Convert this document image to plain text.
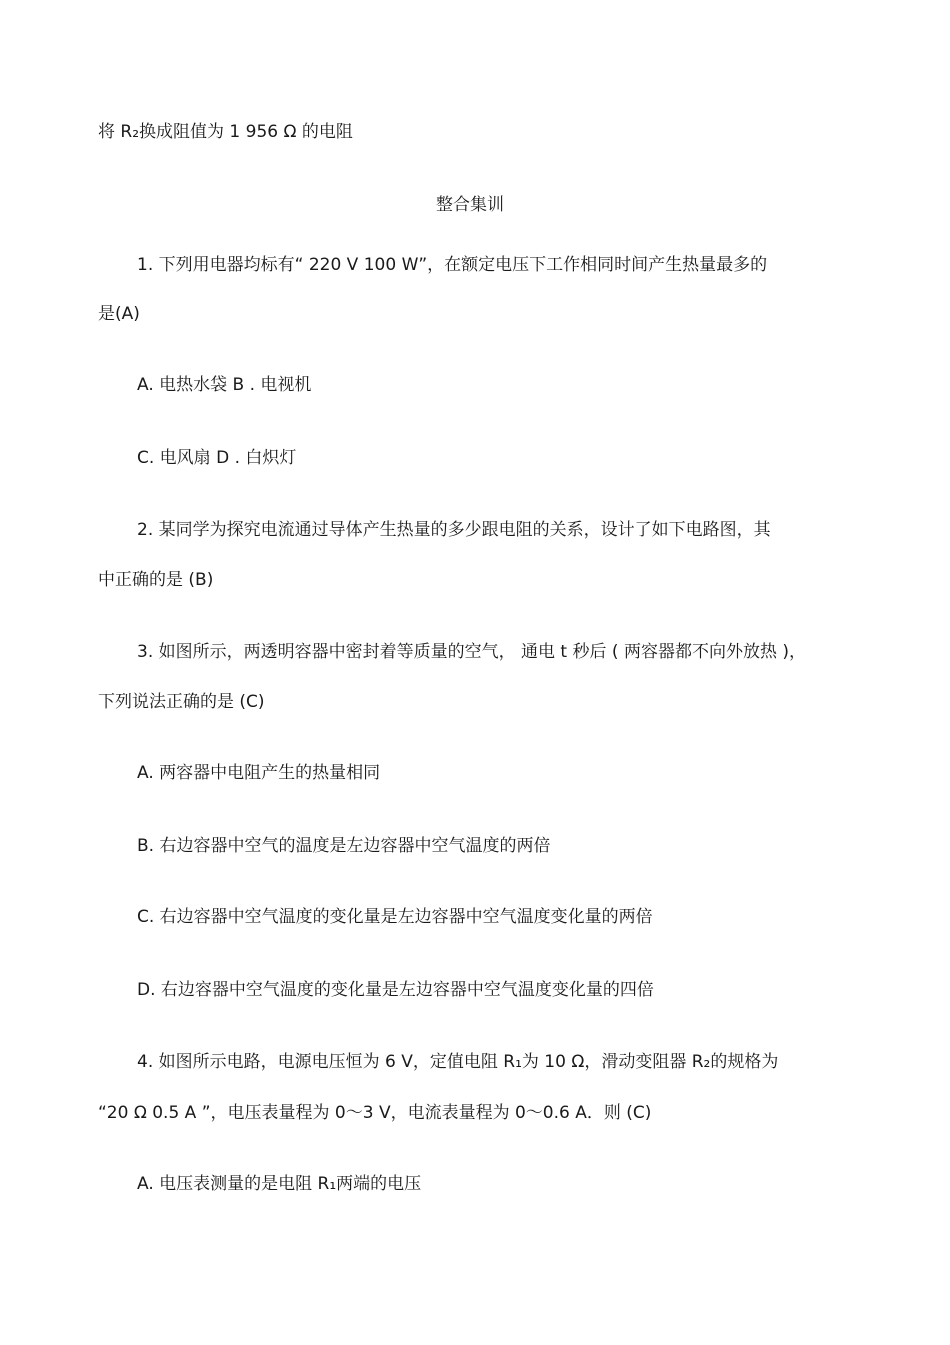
将 R₂换成阻值为 1 956 Ω 的电阻
整合集训
1. 下列用电器均标有“ 220 V 100 W”，在额定电压下工作相同时间产生热量最多的
是(A)
A. 电热水袋 B . 电视机
C. 电风扇 D . 白炽灯
2. 某同学为探究电流通过导体产生热量的多少跟电阻的关系，设计了如下电路图，其
中正确的是 (B)
3. 如图所示，两透明容器中密封着等质量的空气， 通电 t 秒后 ( 两容器都不向外放热 )，
下列说法正确的是 (C)
A. 两容器中电阻产生的热量相同
B. 右边容器中空气的温度是左边容器中空气温度的两倍
C. 右边容器中空气温度的变化量是左边容器中空气温度变化量的两倍
D. 右边容器中空气温度的变化量是左边容器中空气温度变化量的四倍
4. 如图所示电路，电源电压恒为 6 V，定值电阻 R₁为 10 Ω，滑动变阻器 R₂的规格为
“20 Ω 0.5 A ”，电压表量程为 0～3 V，电流表量程为 0～0.6 A．则 (C)
A. 电压表测量的是电阻 R₁两端的电压
